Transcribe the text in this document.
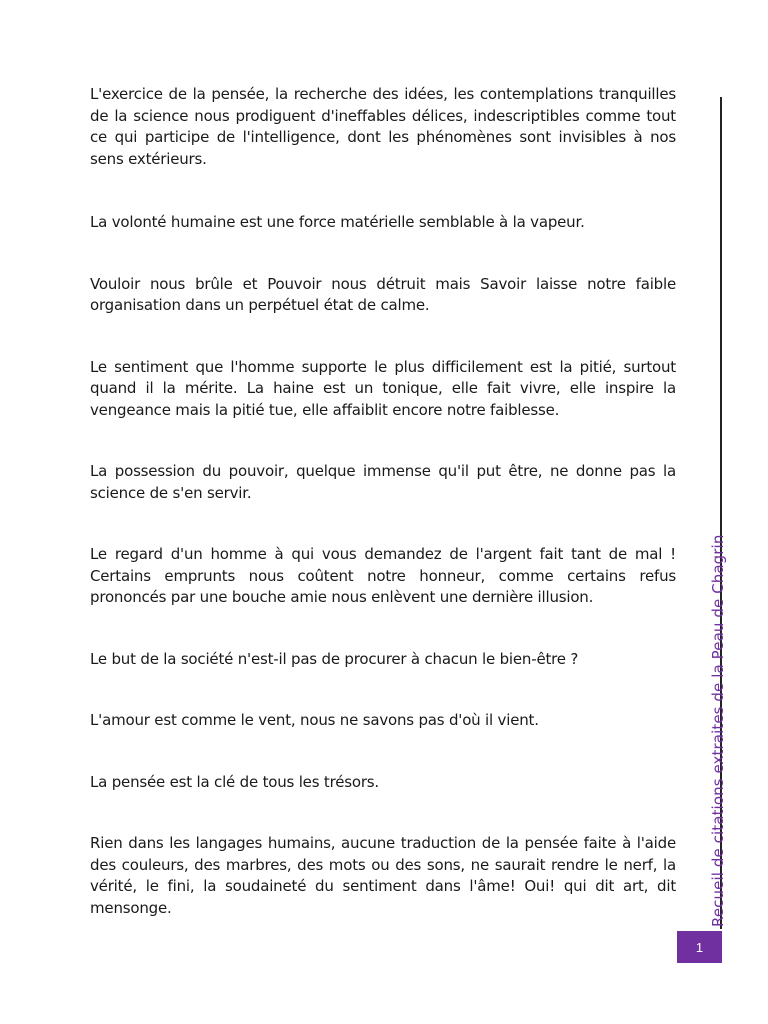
L'exercice de la pensée, la recherche des idées, les contemplations tranquilles de la science nous prodiguent d'ineffables délices, indescriptibles comme tout ce qui participe de l'intelligence, dont les phénomènes sont invisibles à nos sens extérieurs.

La volonté humaine est une force matérielle semblable à la vapeur.

Vouloir nous brûle et Pouvoir nous détruit mais Savoir laisse notre faible organisation dans un perpétuel état de calme.

Le sentiment que l'homme supporte le plus difficilement est la pitié, surtout quand il la mérite. La haine est un tonique, elle fait vivre, elle inspire la vengeance mais la pitié tue, elle affaiblit encore notre faiblesse.

La possession du pouvoir, quelque immense qu'il put être, ne donne pas la science de s'en servir.

Le regard d'un homme à qui vous demandez de l'argent fait tant de mal ! Certains emprunts nous coûtent notre honneur, comme certains refus prononcés par une bouche amie nous enlèvent une dernière illusion.

Le but de la société n'est-il pas de procurer à chacun le bien-être ?

L'amour est comme le vent, nous ne savons pas d'où il vient.

La pensée est la clé de tous les trésors.

Rien dans les langages humains, aucune traduction de la pensée faite à l'aide des couleurs, des marbres, des mots ou des sons, ne saurait rendre le nerf, la vérité, le fini, la soudaineté du sentiment dans l'âme! Oui! qui dit art, dit mensonge.	Recueil de citations extraites de la Peau de Chagrin
1
